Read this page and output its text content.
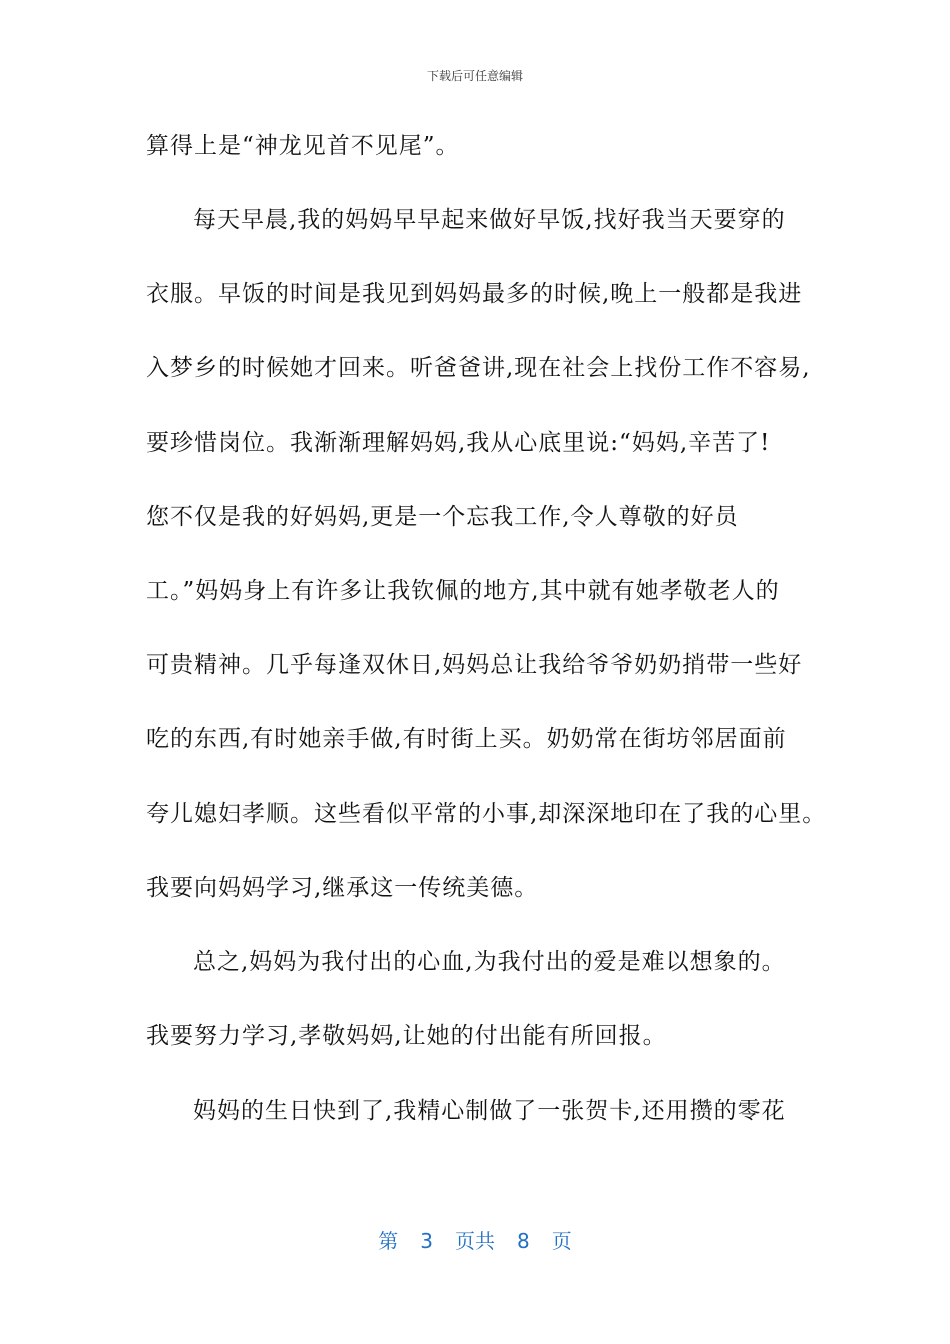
下载后可任意编辑
算得上是“神龙见首不见尾”。
每天早晨,我的妈妈早早起来做好早饭,找好我当天要穿的
衣服。早饭的时间是我见到妈妈最多的时候,晚上一般都是我进
入梦乡的时候她才回来。听爸爸讲,现在社会上找份工作不容易,
要珍惜岗位。我渐渐理解妈妈,我从心底里说:“妈妈,辛苦了!
您不仅是我的好妈妈,更是一个忘我工作,令人尊敬的好员
工。”妈妈身上有许多让我钦佩的地方,其中就有她孝敬老人的
可贵精神。几乎每逢双休日,妈妈总让我给爷爷奶奶捎带一些好
吃的东西,有时她亲手做,有时街上买。奶奶常在街坊邻居面前
夸儿媳妇孝顺。这些看似平常的小事,却深深地印在了我的心里。
我要向妈妈学习,继承这一传统美德。
总之,妈妈为我付出的心血,为我付出的爱是难以想象的。
我要努力学习,孝敬妈妈,让她的付出能有所回报。
妈妈的生日快到了,我精心制做了一张贺卡,还用攒的零花
第 3 页共 8 页
